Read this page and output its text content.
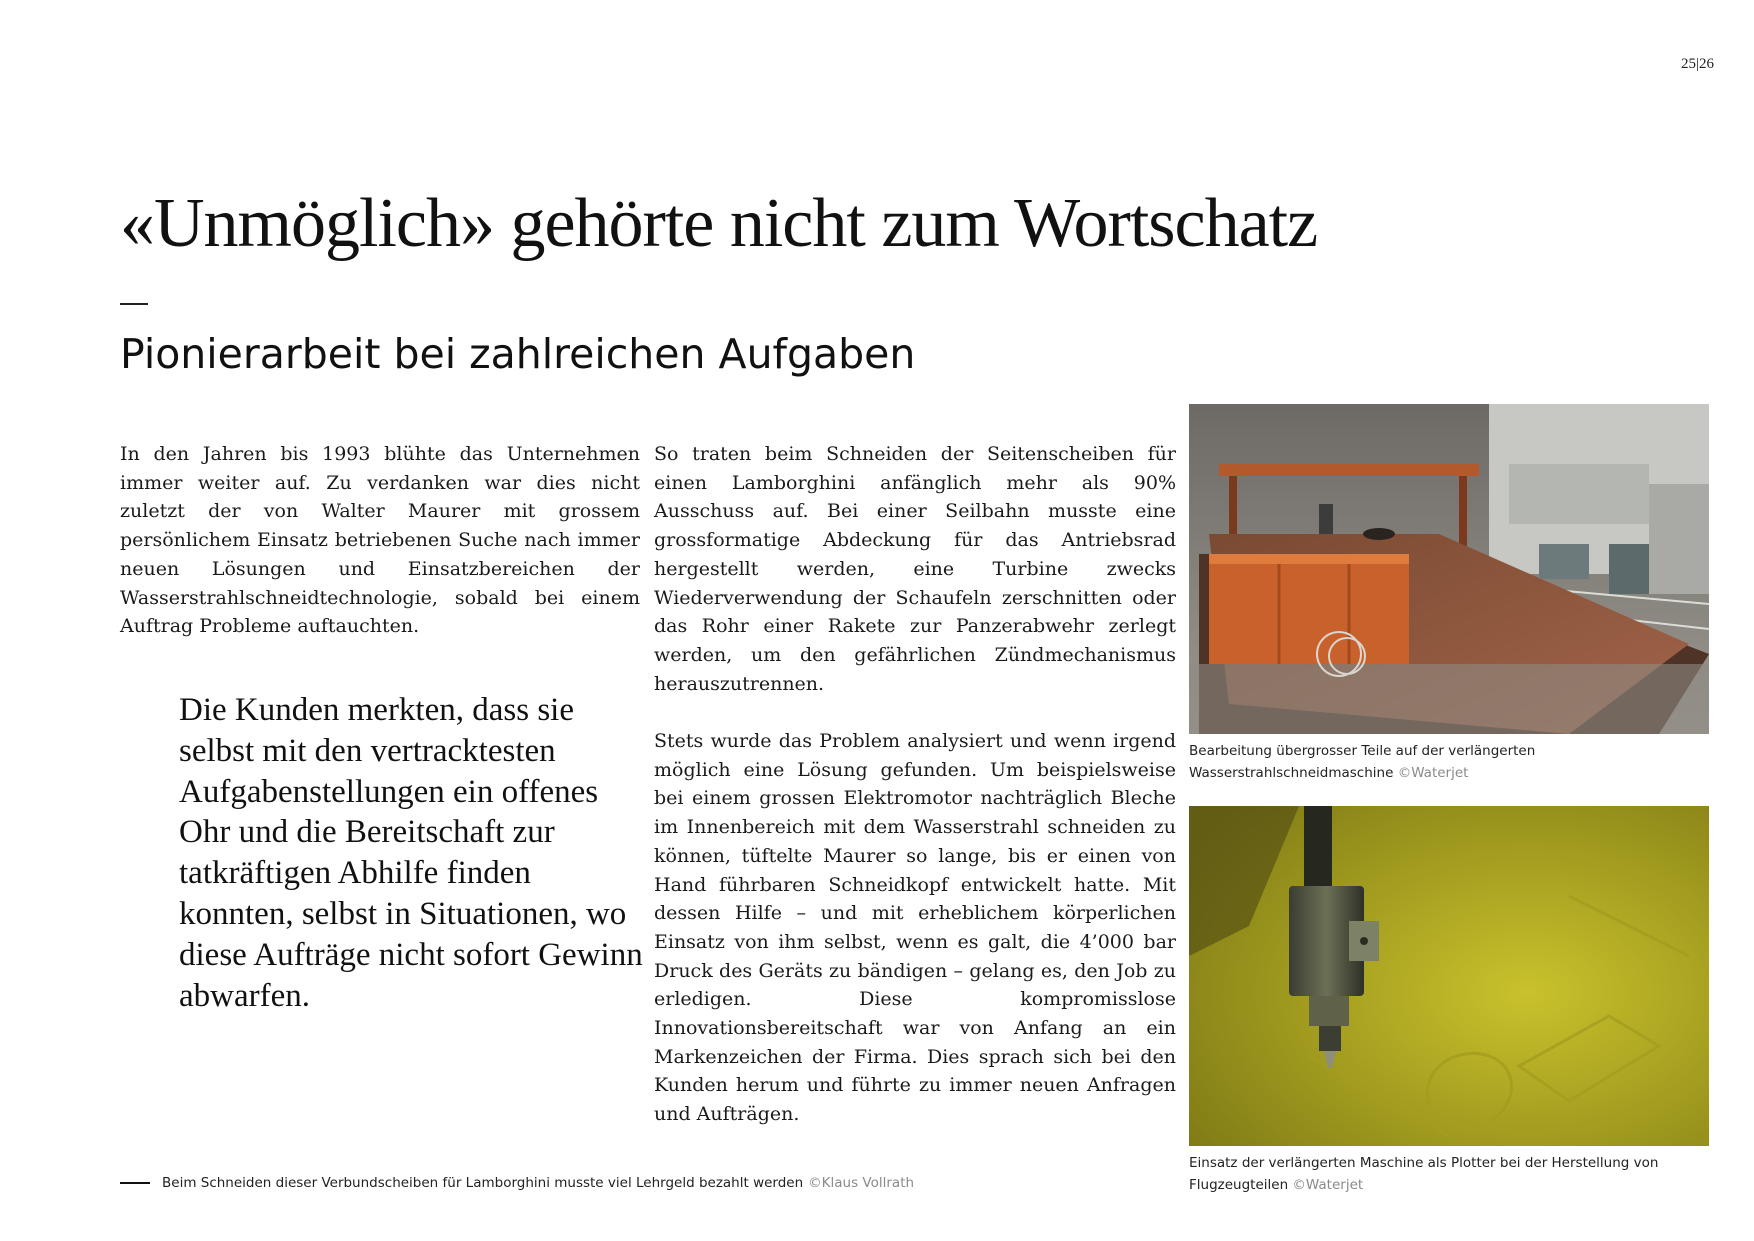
25|26
«Unmöglich» gehörte nicht zum Wortschatz
Pionierarbeit bei zahlreichen Aufgaben

In den Jahren bis 1993 blühte das Unternehmen immer weiter auf. Zu verdanken war dies nicht zuletzt der von Walter Maurer mit grossem persönlichem Einsatz betriebenen Suche nach immer neuen Lösungen und Einsatzbereichen der Wasserstrahlschneidtechnologie, sobald bei einem Auftrag Probleme auftauchten.

Die Kunden merkten, dass sie selbst mit den vertracktesten Aufgabenstellungen ein offenes Ohr und die Bereitschaft zur tatkräftigen Abhilfe finden konnten, selbst in Situationen, wo diese Aufträge nicht sofort Gewinn abwarfen.

So traten beim Schneiden der Seitenscheiben für einen Lamborghini anfänglich mehr als 90% Ausschuss auf. Bei einer Seilbahn musste eine grossformatige Abdeckung für das Antriebsrad hergestellt werden, eine Turbine zwecks Wiederverwendung der Schaufeln zerschnitten oder das Rohr einer Rakete zur Panzerabwehr zerlegt werden, um den gefährlichen Zündmechanismus herauszutrennen.

Stets wurde das Problem analysiert und wenn irgend möglich eine Lösung gefunden. Um beispielsweise bei einem grossen Elektromotor nachträglich Bleche im Innenbereich mit dem Wasserstrahl schneiden zu können, tüftelte Maurer so lange, bis er einen von Hand führbaren Schneidkopf entwickelt hatte. Mit dessen Hilfe – und mit erheblichem körperlichen Einsatz von ihm selbst, wenn es galt, die 4’000 bar Druck des Geräts zu bändigen – gelang es, den Job zu erledigen. Diese kompromisslose Innovationsbereitschaft war von Anfang an ein Markenzeichen der Firma. Dies sprach sich bei den Kunden herum und führte zu immer neuen Anfragen und Aufträgen.

Bearbeitung übergrosser Teile auf der verlängerten Wasserstrahlschneidmaschine ©Waterjet

Einsatz der verlängerten Maschine als Plotter bei der Herstellung von Flugzeugteilen ©Waterjet

Beim Schneiden dieser Verbundscheiben für Lamborghini musste viel Lehrgeld bezahlt werden ©Klaus Vollrath
